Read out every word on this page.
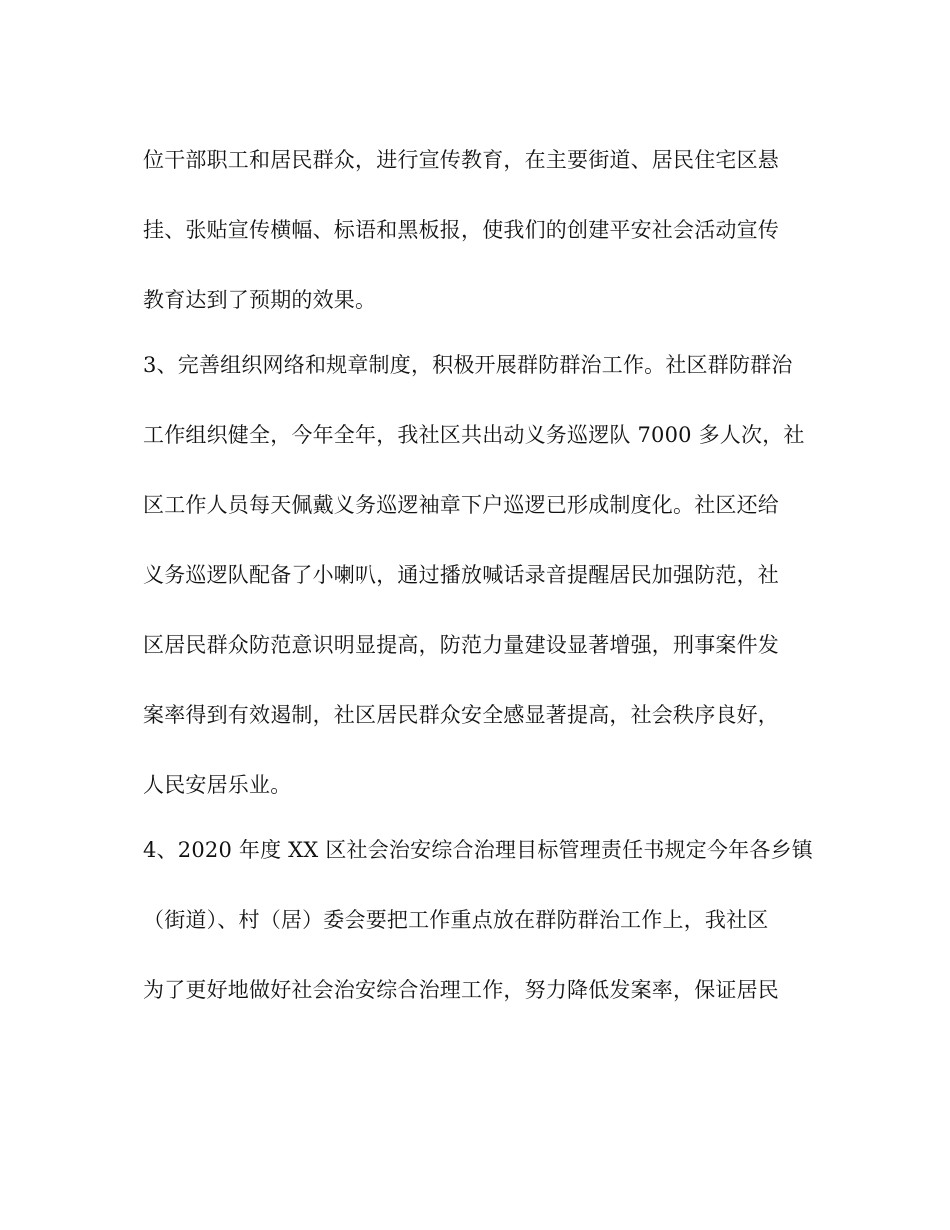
位干部职工和居民群众，进行宣传教育，在主要街道、居民住宅区悬
挂、张贴宣传横幅、标语和黑板报，使我们的创建平安社会活动宣传
教育达到了预期的效果。
3、完善组织网络和规章制度，积极开展群防群治工作。社区群防群治
工作组织健全，今年全年，我社区共出动义务巡逻队 7000 多人次，社
区工作人员每天佩戴义务巡逻袖章下户巡逻已形成制度化。社区还给
义务巡逻队配备了小喇叭，通过播放喊话录音提醒居民加强防范，社
区居民群众防范意识明显提高，防范力量建设显著增强，刑事案件发
案率得到有效遏制，社区居民群众安全感显著提高，社会秩序良好，
人民安居乐业。
4、2020 年度 XX 区社会治安综合治理目标管理责任书规定今年各乡镇
（街道）、村（居）委会要把工作重点放在群防群治工作上，我社区
为了更好地做好社会治安综合治理工作，努力降低发案率，保证居民
